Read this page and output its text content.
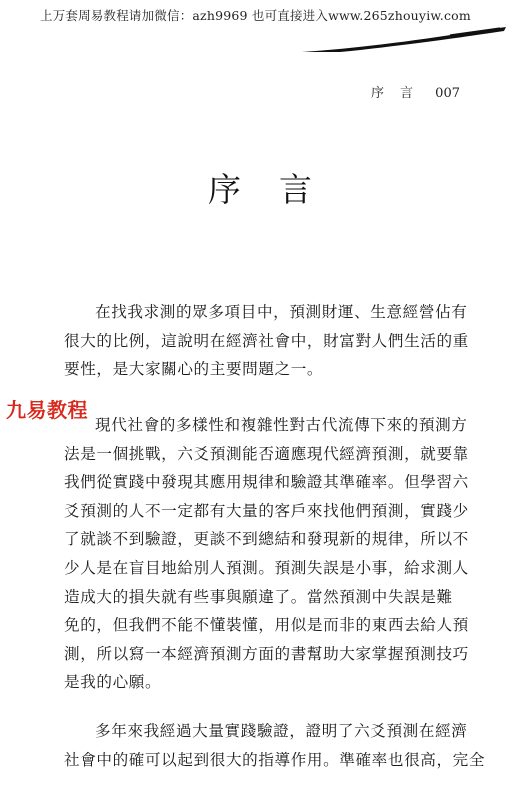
上万套周易教程请加微信：azh9969 也可直接进入www.265zhouyiw.com
序言 007
序言
九易教程
在找我求測的眾多項目中，預測財運、生意經營佔有
很大的比例，這說明在經濟社會中，財富對人們生活的重
要性，是大家關心的主要問題之一。
現代社會的多樣性和複雜性對古代流傳下來的預測方
法是一個挑戰，六爻預測能否適應現代經濟預測，就要靠
我們從實踐中發現其應用規律和驗證其準確率。但學習六
爻預測的人不一定都有大量的客戶來找他們預測，實踐少
了就談不到驗證，更談不到總結和發現新的規律，所以不
少人是在盲目地給別人預測。預測失誤是小事，給求測人
造成大的損失就有些事與願違了。當然預測中失誤是難
免的，但我們不能不懂裝懂，用似是而非的東西去給人預
測，所以寫一本經濟預測方面的書幫助大家掌握預測技巧
是我的心願。
多年來我經過大量實踐驗證，證明了六爻預測在經濟
社會中的確可以起到很大的指導作用。準確率也很高，完全
